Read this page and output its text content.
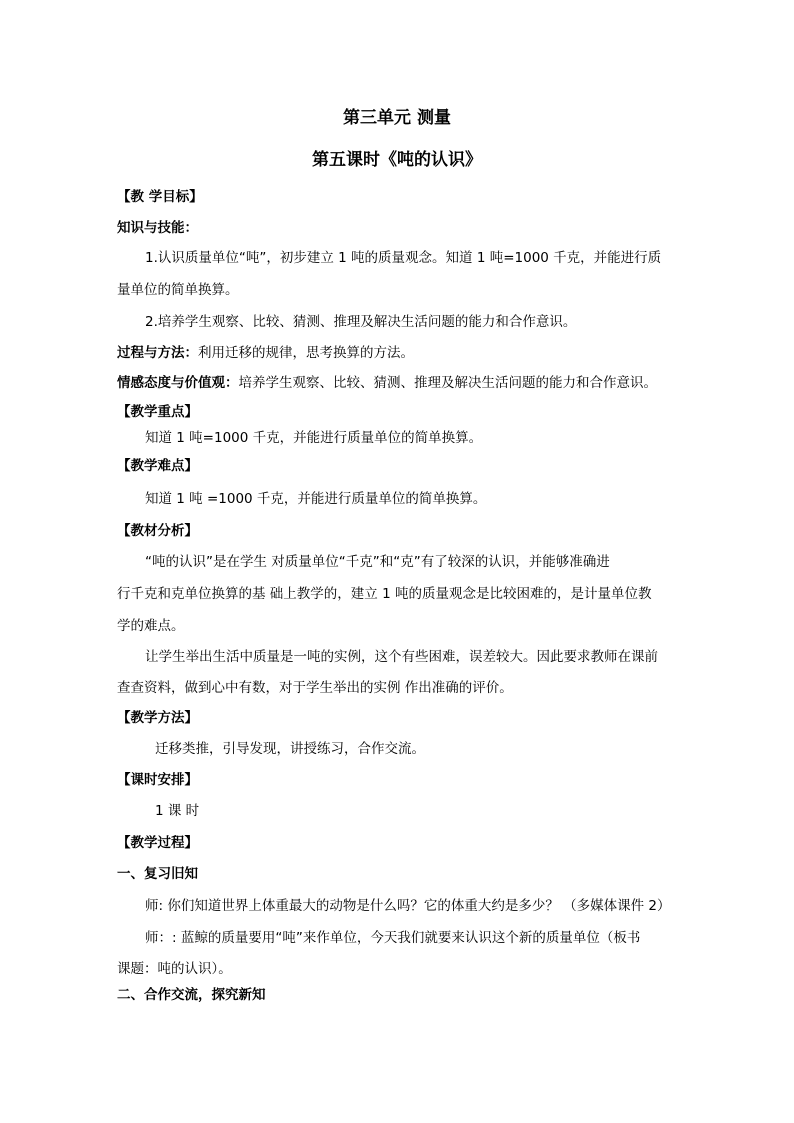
第三单元 测量
第五课时《吨的认识》
【教 学目标】
知识与技能：
1.认识质量单位“吨”，初步建立 1 吨的质量观念。知道 1 吨=1000 千克，并能进行质
量单位的简单换算。
2.培养学生观察、比较、猜测、推理及解决生活问题的能力和合作意识。
过程与方法：利用迁移的规律，思考换算的方法。
情感态度与价值观：培养学生观察、比较、猜测、推理及解决生活问题的能力和合作意识。
【教学重点】
知道 1 吨=1000 千克，并能进行质量单位的简单换算。
【教学难点】
知道 1 吨 =1000 千克，并能进行质量单位的简单换算。
【教材分析】
“吨的认识”是在学生 对质量单位“千克”和“克”有了较深的认识，并能够准确进
行千克和克单位换算的基 础上教学的，建立 1 吨的质量观念是比较困难的，是计量单位教
学的难点。
让学生举出生活中质量是一吨的实例，这个有些困难，误差较大。因此要求教师在课前
查查资料，做到心中有数，对于学生举出的实例 作出准确的评价。
【教学方法】
迁移类推，引导发现，讲授练习，合作交流。
【课时安排】
1 课 时
【教学过程】
一、复习旧知
师: 你们知道世界上体重最大的动物是什么吗？它的体重大约是多少？ （多媒体课件 2）
师：: 蓝鲸的质量要用“吨”来作单位，今天我们就要来认识这个新的质量单位（板书
课题：吨的认识）。
二、合作交流，探究新知
